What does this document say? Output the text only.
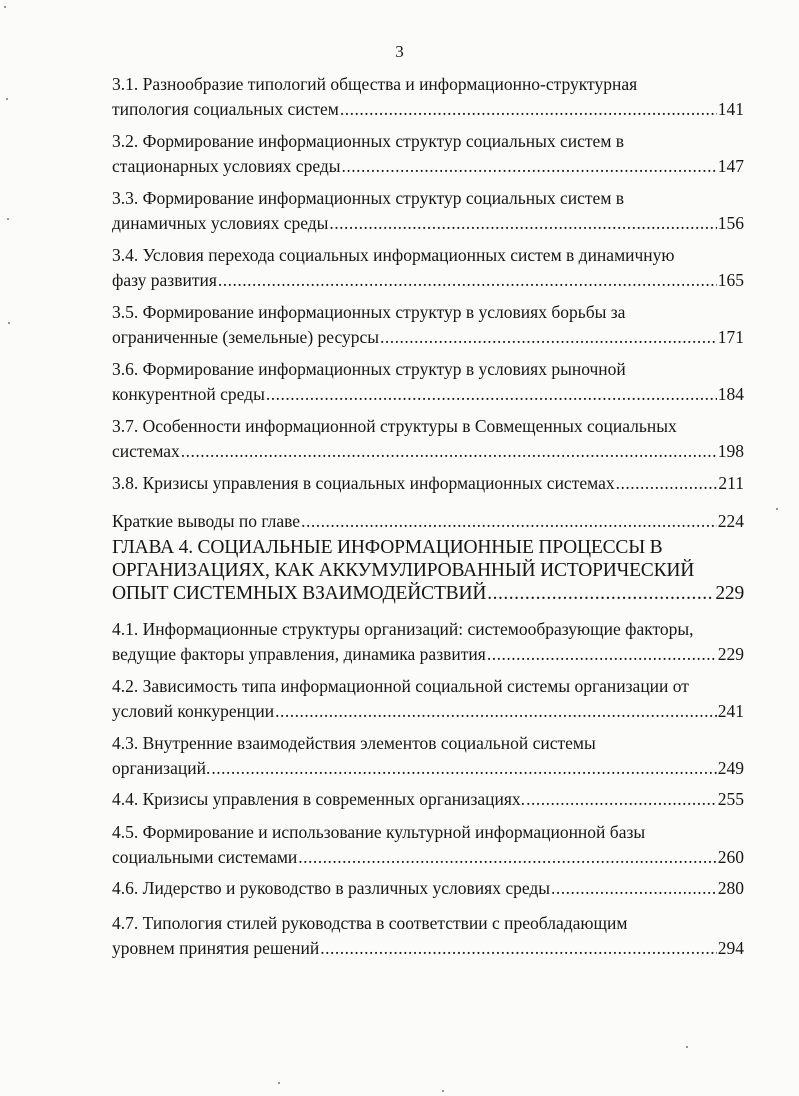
3
3.1. Разнообразие типологий общества и информационно-структурная
типология социальных систем .....	141
3.2. Формирование информационных структур социальных систем в
стационарных условиях среды .....	147
3.3. Формирование информационных структур социальных систем в
динамичных условиях среды .....	156
3.4. Условия перехода социальных информационных систем в динамичную
фазу развития .....	165
3.5. Формирование информационных структур в условиях борьбы за
ограниченные (земельные) ресурсы .....	171
3.6. Формирование информационных структур в условиях рыночной
конкурентной среды .....	184
3.7. Особенности информационной структуры в Совмещенных социальных
системах .....	198
3.8. Кризисы управления в социальных информационных системах .....	211
Краткие выводы по главе .....	224
ГЛАВА 4. СОЦИАЛЬНЫЕ ИНФОРМАЦИОННЫЕ ПРОЦЕССЫ В
ОРГАНИЗАЦИЯХ, КАК АККУМУЛИРОВАННЫЙ ИСТОРИЧЕСКИЙ
ОПЫТ СИСТЕМНЫХ ВЗАИМОДЕЙСТВИЙ .....	229
4.1. Информационные структуры организаций: системообразующие факторы,
ведущие факторы управления, динамика развития .....	229
4.2. Зависимость типа информационной социальной системы организации от
условий конкуренции .....	241
4.3. Внутренние взаимодействия элементов социальной системы
организаций. .....	249
4.4. Кризисы управления в современных организациях. .....	255
4.5. Формирование и использование культурной информационной базы
социальными системами .....	260
4.6. Лидерство и руководство в различных условиях среды .....	280
4.7. Типология стилей руководства в соответствии с преобладающим
уровнем принятия решений .....	294
